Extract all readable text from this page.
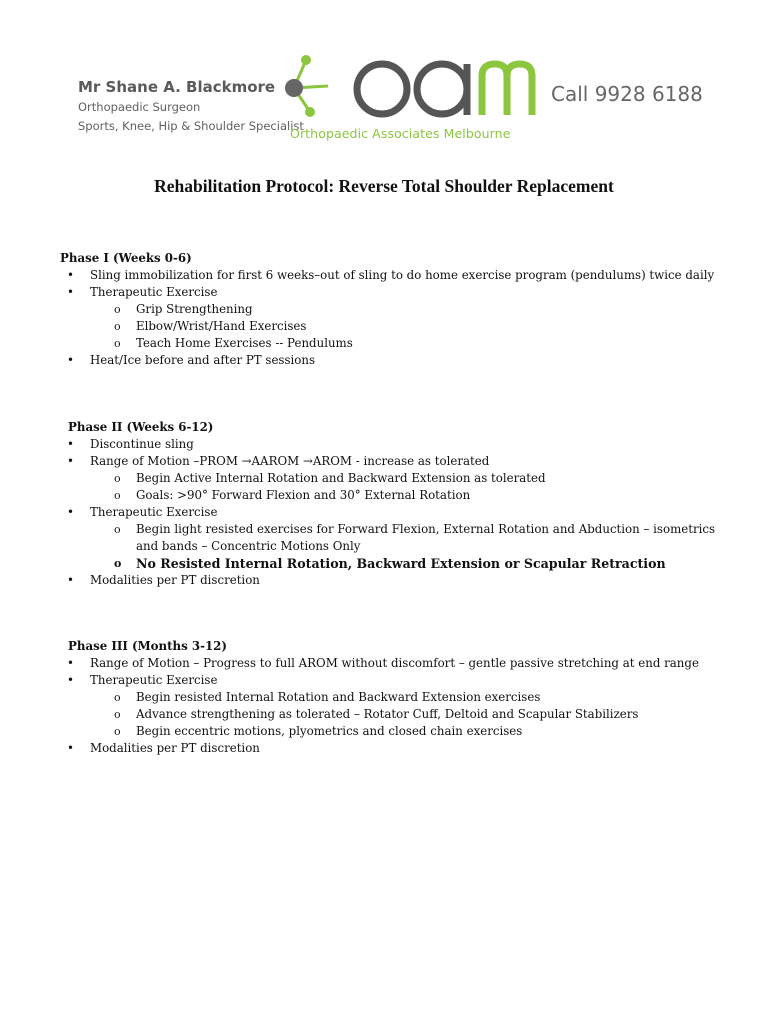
Mr Shane A. Blackmore
Orthopaedic Surgeon
Sports, Knee, Hip & Shoulder Specialist
Orthopaedic Associates Melbourne
Call 9928 6188
Rehabilitation Protocol: Reverse Total Shoulder Replacement
Phase I (Weeks 0-6)
• Sling immobilization for first 6 weeks–out of sling to do home exercise program (pendulums) twice daily
• Therapeutic Exercise
o Grip Strengthening
o Elbow/Wrist/Hand Exercises
o Teach Home Exercises -- Pendulums
• Heat/Ice before and after PT sessions
Phase II (Weeks 6-12)
• Discontinue sling
• Range of Motion –PROM →AAROM →AROM - increase as tolerated
o Begin Active Internal Rotation and Backward Extension as tolerated
o Goals: >90° Forward Flexion and 30° External Rotation
• Therapeutic Exercise
o Begin light resisted exercises for Forward Flexion, External Rotation and Abduction – isometrics
and bands – Concentric Motions Only
o No Resisted Internal Rotation, Backward Extension or Scapular Retraction
• Modalities per PT discretion
Phase III (Months 3-12)
• Range of Motion – Progress to full AROM without discomfort – gentle passive stretching at end range
• Therapeutic Exercise
o Begin resisted Internal Rotation and Backward Extension exercises
o Advance strengthening as tolerated – Rotator Cuff, Deltoid and Scapular Stabilizers
o Begin eccentric motions, plyometrics and closed chain exercises
• Modalities per PT discretion
